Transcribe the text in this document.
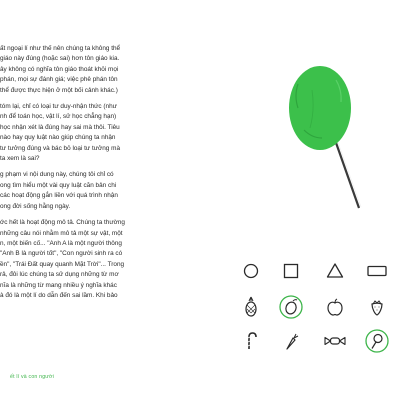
ất ngoại lí như thế nên chúng ta không thể
giáo này đúng (hoặc sai) hơn tôn giáo kia.
ây không có nghĩa tôn giáo thoát khỏi mọi
phán, mọi sự đánh giá; việc phê phán tôn
thể được thực hiện ở một bối cảnh khác.)

tóm lại, chỉ có loại tư duy-nhận thức (như
nh để toán học, vật lí, sử học chẳng hạn)
học nhận xét là đúng hay sai mà thôi. Tiêu
nào hay quy luật nào giúp chúng ta nhận
tư tưởng đúng và bác bỏ loại tư tưởng mà
ta xem là sai?

g phạm vi nội dung này, chúng tôi chỉ có
ong tìm hiểu một vài quy luật căn bản chi
các hoạt động gắn liền với quá trình nhận
ong đời sống hằng ngày.

ớc hết là hoạt động mô tả. Chúng ta thường
những câu nói nhằm mô tả một sự vật, một
n, một biến cố... "Anh A là một người thông
"Anh B là người tốt", "Con người sinh ra có
ền", "Trái Đất quay quanh Mặt Trời"... Trong
rả, đôi lúc chúng ta sử dụng những từ mơ
nĩa là những từ mang nhiều ý nghĩa khác
à đó là một lí do dẫn đến sai lầm. Khi bảo

ết lí và con người
